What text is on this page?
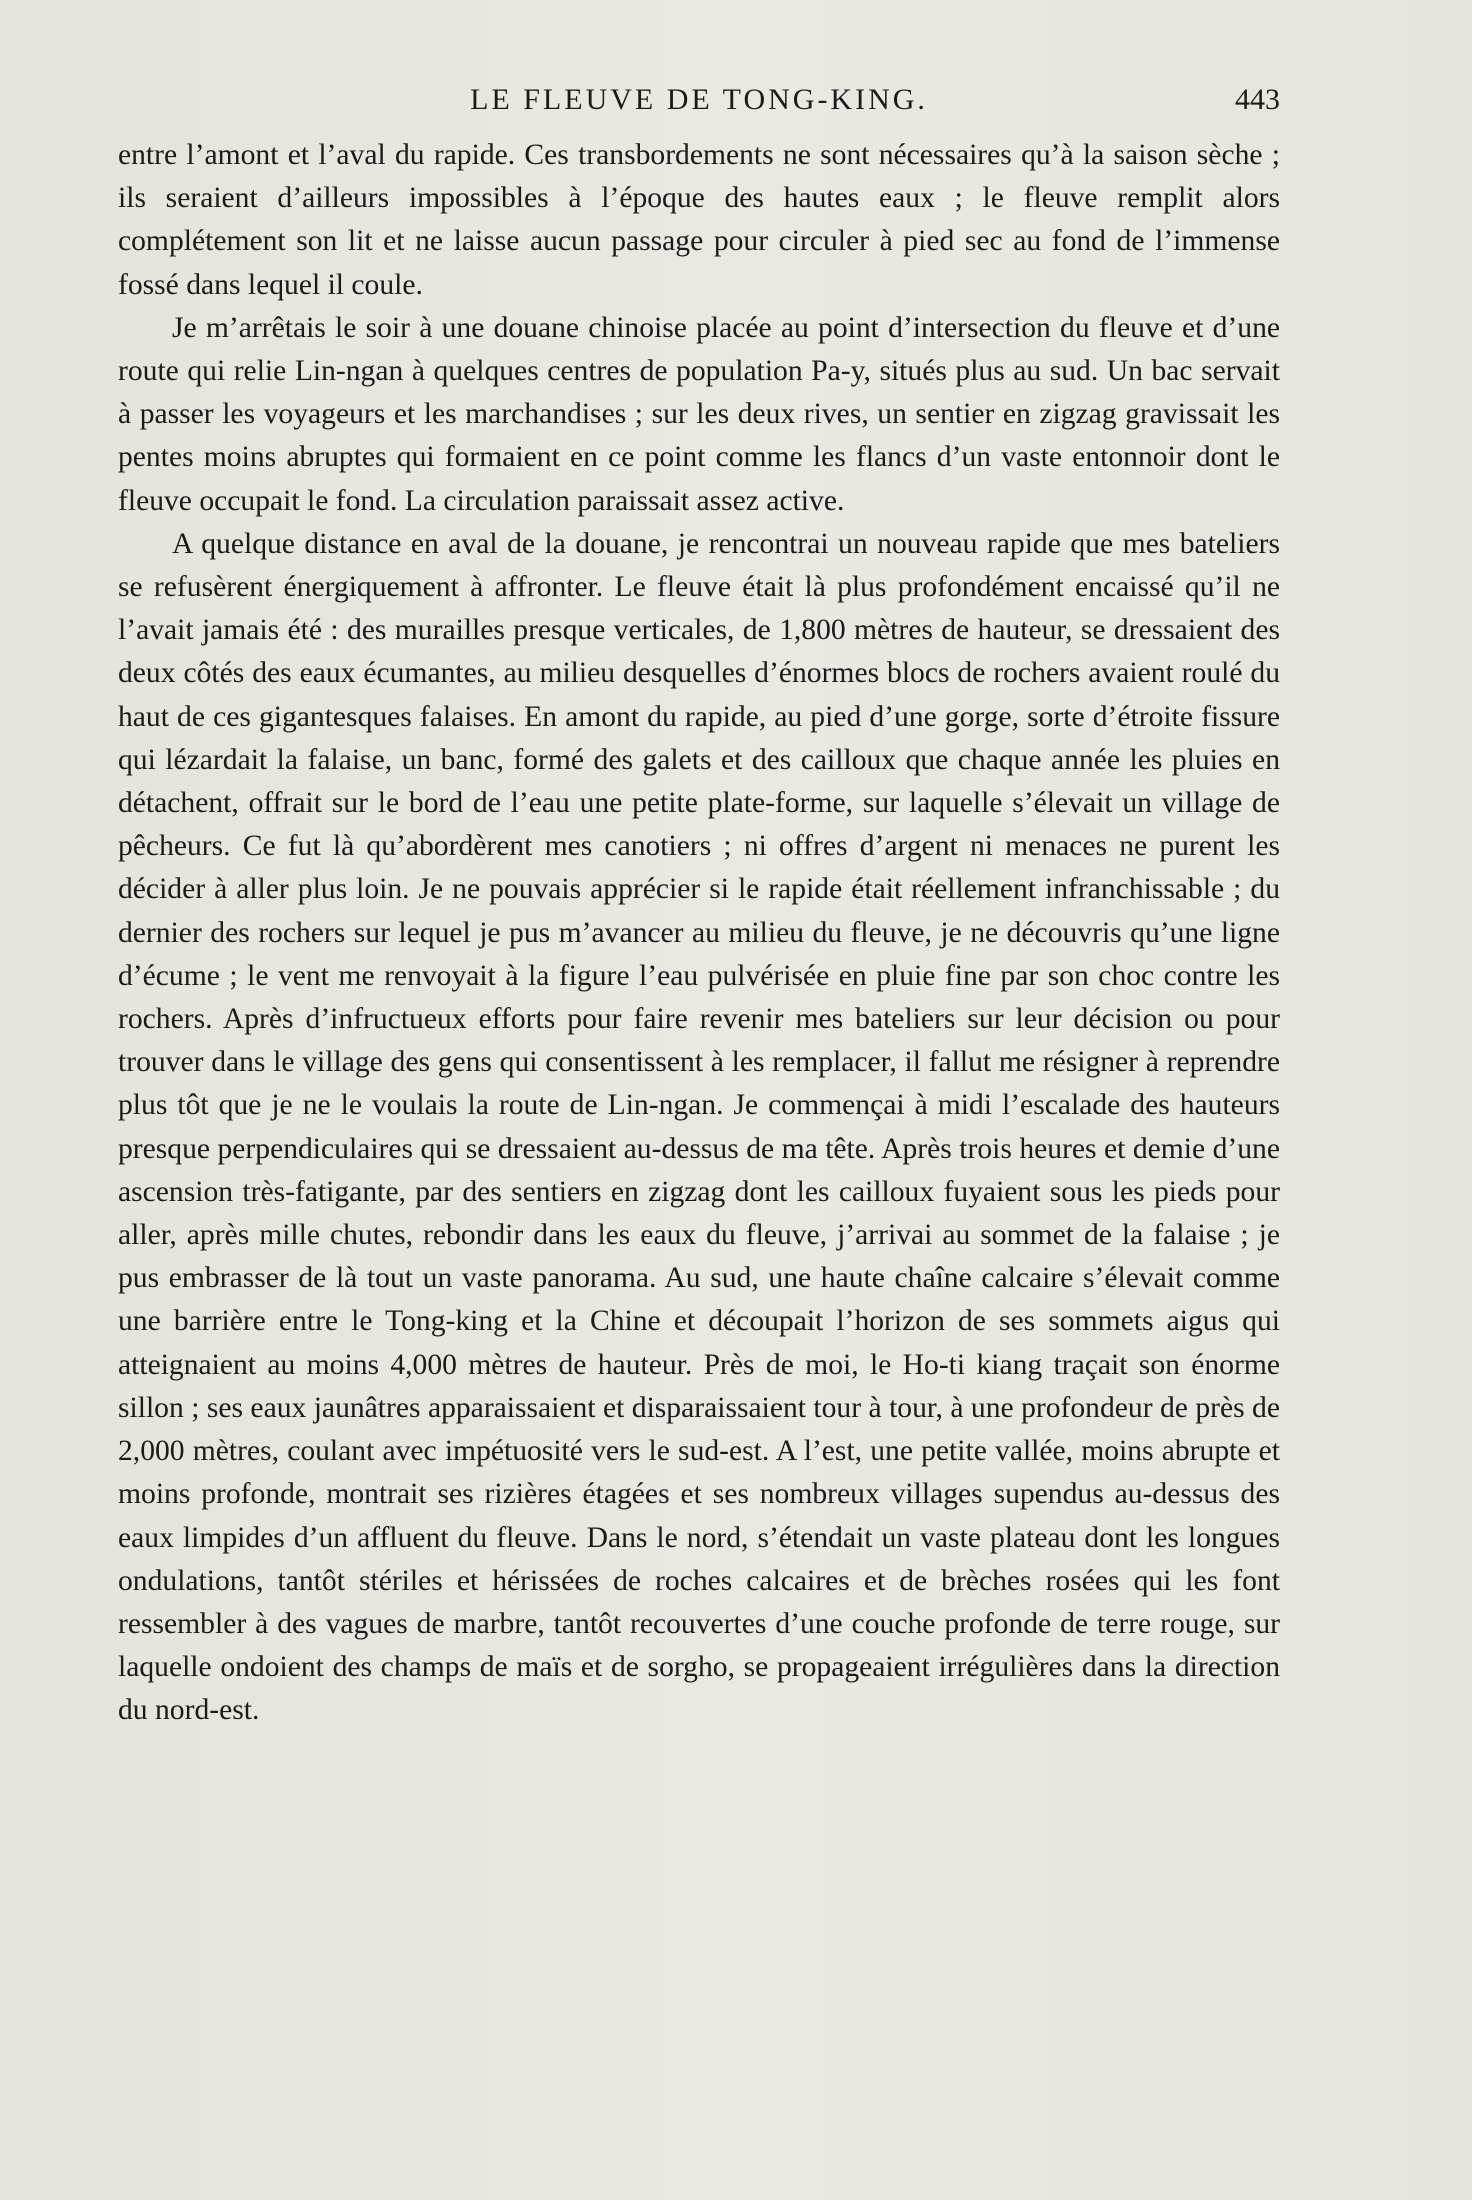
LE FLEUVE DE TONG-KING.	443

entre l’amont et l’aval du rapide. Ces transbordements ne sont nécessaires qu’à la saison sèche ; ils seraient d’ailleurs impossibles à l’époque des hautes eaux ; le fleuve remplit alors complétement son lit et ne laisse aucun passage pour circuler à pied sec au fond de l’immense fossé dans lequel il coule.

Je m’arrêtais le soir à une douane chinoise placée au point d’intersection du fleuve et d’une route qui relie Lin-ngan à quelques centres de population Pa-y, situés plus au sud. Un bac servait à passer les voyageurs et les marchandises ; sur les deux rives, un sentier en zigzag gravissait les pentes moins abruptes qui formaient en ce point comme les flancs d’un vaste entonnoir dont le fleuve occupait le fond. La circulation paraissait assez active.

A quelque distance en aval de la douane, je rencontrai un nouveau rapide que mes bateliers se refusèrent énergiquement à affronter. Le fleuve était là plus profondément encaissé qu’il ne l’avait jamais été : des murailles presque verticales, de 1,800 mètres de hauteur, se dressaient des deux côtés des eaux écumantes, au milieu desquelles d’énormes blocs de rochers avaient roulé du haut de ces gigantesques falaises. En amont du rapide, au pied d’une gorge, sorte d’étroite fissure qui lézardait la falaise, un banc, formé des galets et des cailloux que chaque année les pluies en détachent, offrait sur le bord de l’eau une petite plate-forme, sur laquelle s’élevait un village de pêcheurs. Ce fut là qu’abordèrent mes canotiers ; ni offres d’argent ni menaces ne purent les décider à aller plus loin. Je ne pouvais apprécier si le rapide était réellement infranchissable ; du dernier des rochers sur lequel je pus m’avancer au milieu du fleuve, je ne découvris qu’une ligne d’écume ; le vent me renvoyait à la figure l’eau pulvérisée en pluie fine par son choc contre les rochers. Après d’infructueux efforts pour faire revenir mes bateliers sur leur décision ou pour trouver dans le village des gens qui consentissent à les remplacer, il fallut me résigner à reprendre plus tôt que je ne le voulais la route de Lin-ngan. Je commençai à midi l’escalade des hauteurs presque perpendiculaires qui se dressaient au-dessus de ma tête. Après trois heures et demie d’une ascension très-fatigante, par des sentiers en zigzag dont les cailloux fuyaient sous les pieds pour aller, après mille chutes, rebondir dans les eaux du fleuve, j’arrivai au sommet de la falaise ; je pus embrasser de là tout un vaste panorama. Au sud, une haute chaîne calcaire s’élevait comme une barrière entre le Tong-king et la Chine et découpait l’horizon de ses sommets aigus qui atteignaient au moins 4,000 mètres de hauteur. Près de moi, le Ho-ti kiang traçait son énorme sillon ; ses eaux jaunâtres apparaissaient et disparaissaient tour à tour, à une profondeur de près de 2,000 mètres, coulant avec impétuosité vers le sud-est. A l’est, une petite vallée, moins abrupte et moins profonde, montrait ses rizières étagées et ses nombreux villages supendus au-dessus des eaux limpides d’un affluent du fleuve. Dans le nord, s’étendait un vaste plateau dont les longues ondulations, tantôt stériles et hérissées de roches calcaires et de brèches rosées qui les font ressembler à des vagues de marbre, tantôt recouvertes d’une couche profonde de terre rouge, sur laquelle ondoient des champs de maïs et de sorgho, se propageaient irrégulières dans la direction du nord-est.
